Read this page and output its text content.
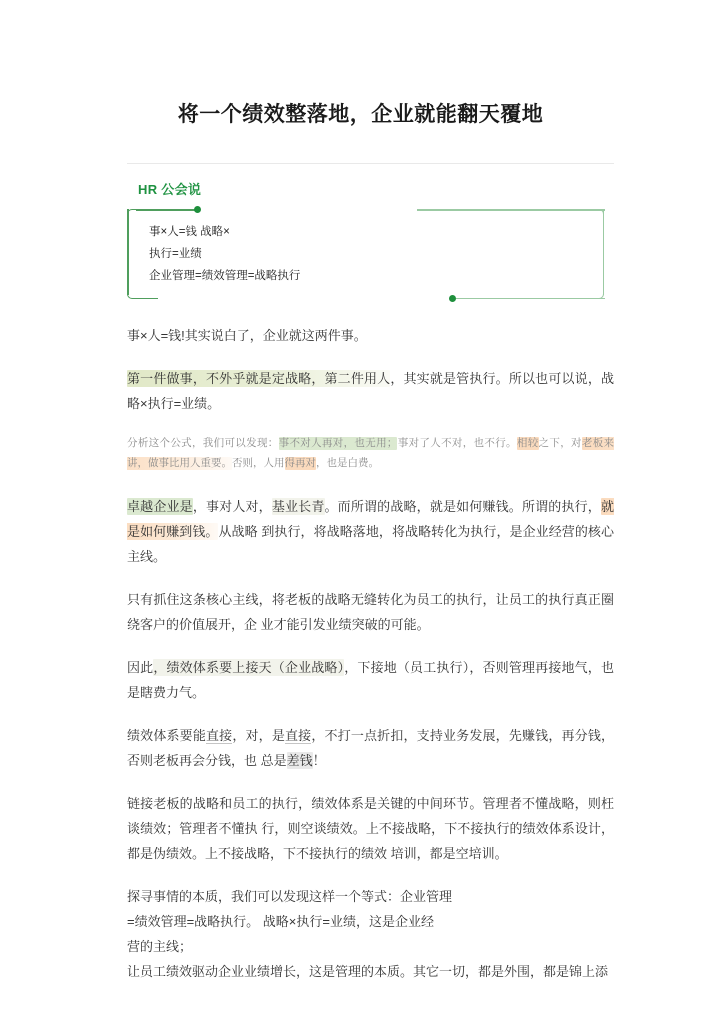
将一个绩效整落地，企业就能翻天覆地
HR 公会说
事×人=钱 战略×
执行=业绩
企业管理=绩效管理=战略执行

事×人=钱!其实说白了，企业就这两件事。

第一件做事，不外乎就是定战略，第二件用人，其实就是管执行。所以也可以说，战略×执行=业绩。

分析这个公式，我们可以发现：事不对人再对，也无用；事对了人不对，也不行。相较之下，对老板来讲，做事比用人重要。否则，人用得再对，也是白费。

卓越企业是，事对人对，基业长青。而所谓的战略，就是如何赚钱。所谓的执行，就是如何赚到钱。从战略 到执行，将战略落地，将战略转化为执行，是企业经营的核心主线。

只有抓住这条核心主线，将老板的战略无缝转化为员工的执行，让员工的执行真正圈绕客户的价值展开，企 业才能引发业绩突破的可能。

因此，绩效体系要上接天（企业战略），下接地（员工执行），否则管理再接地气，也是瞎费力气。

绩效体系要能直接，对，是直接，不打一点折扣，支持业务发展，先赚钱，再分钱，否则老板再会分钱，也 总是差钱！

链接老板的战略和员工的执行，绩效体系是关键的中间环节。管理者不懂战略，则枉谈绩效；管理者不懂执 行，则空谈绩效。上不接战略，下不接执行的绩效体系设计，都是伪绩效。上不接战略，下不接执行的绩效 培训，都是空培训。

探寻事情的本质，我们可以发现这样一个等式：企业管理
=绩效管理=战略执行。 战略×执行=业绩，这是企业经
营的主线；
让员工绩效驱动企业业绩增长，这是管理的本质。其它一切，都是外围，都是锦上添
